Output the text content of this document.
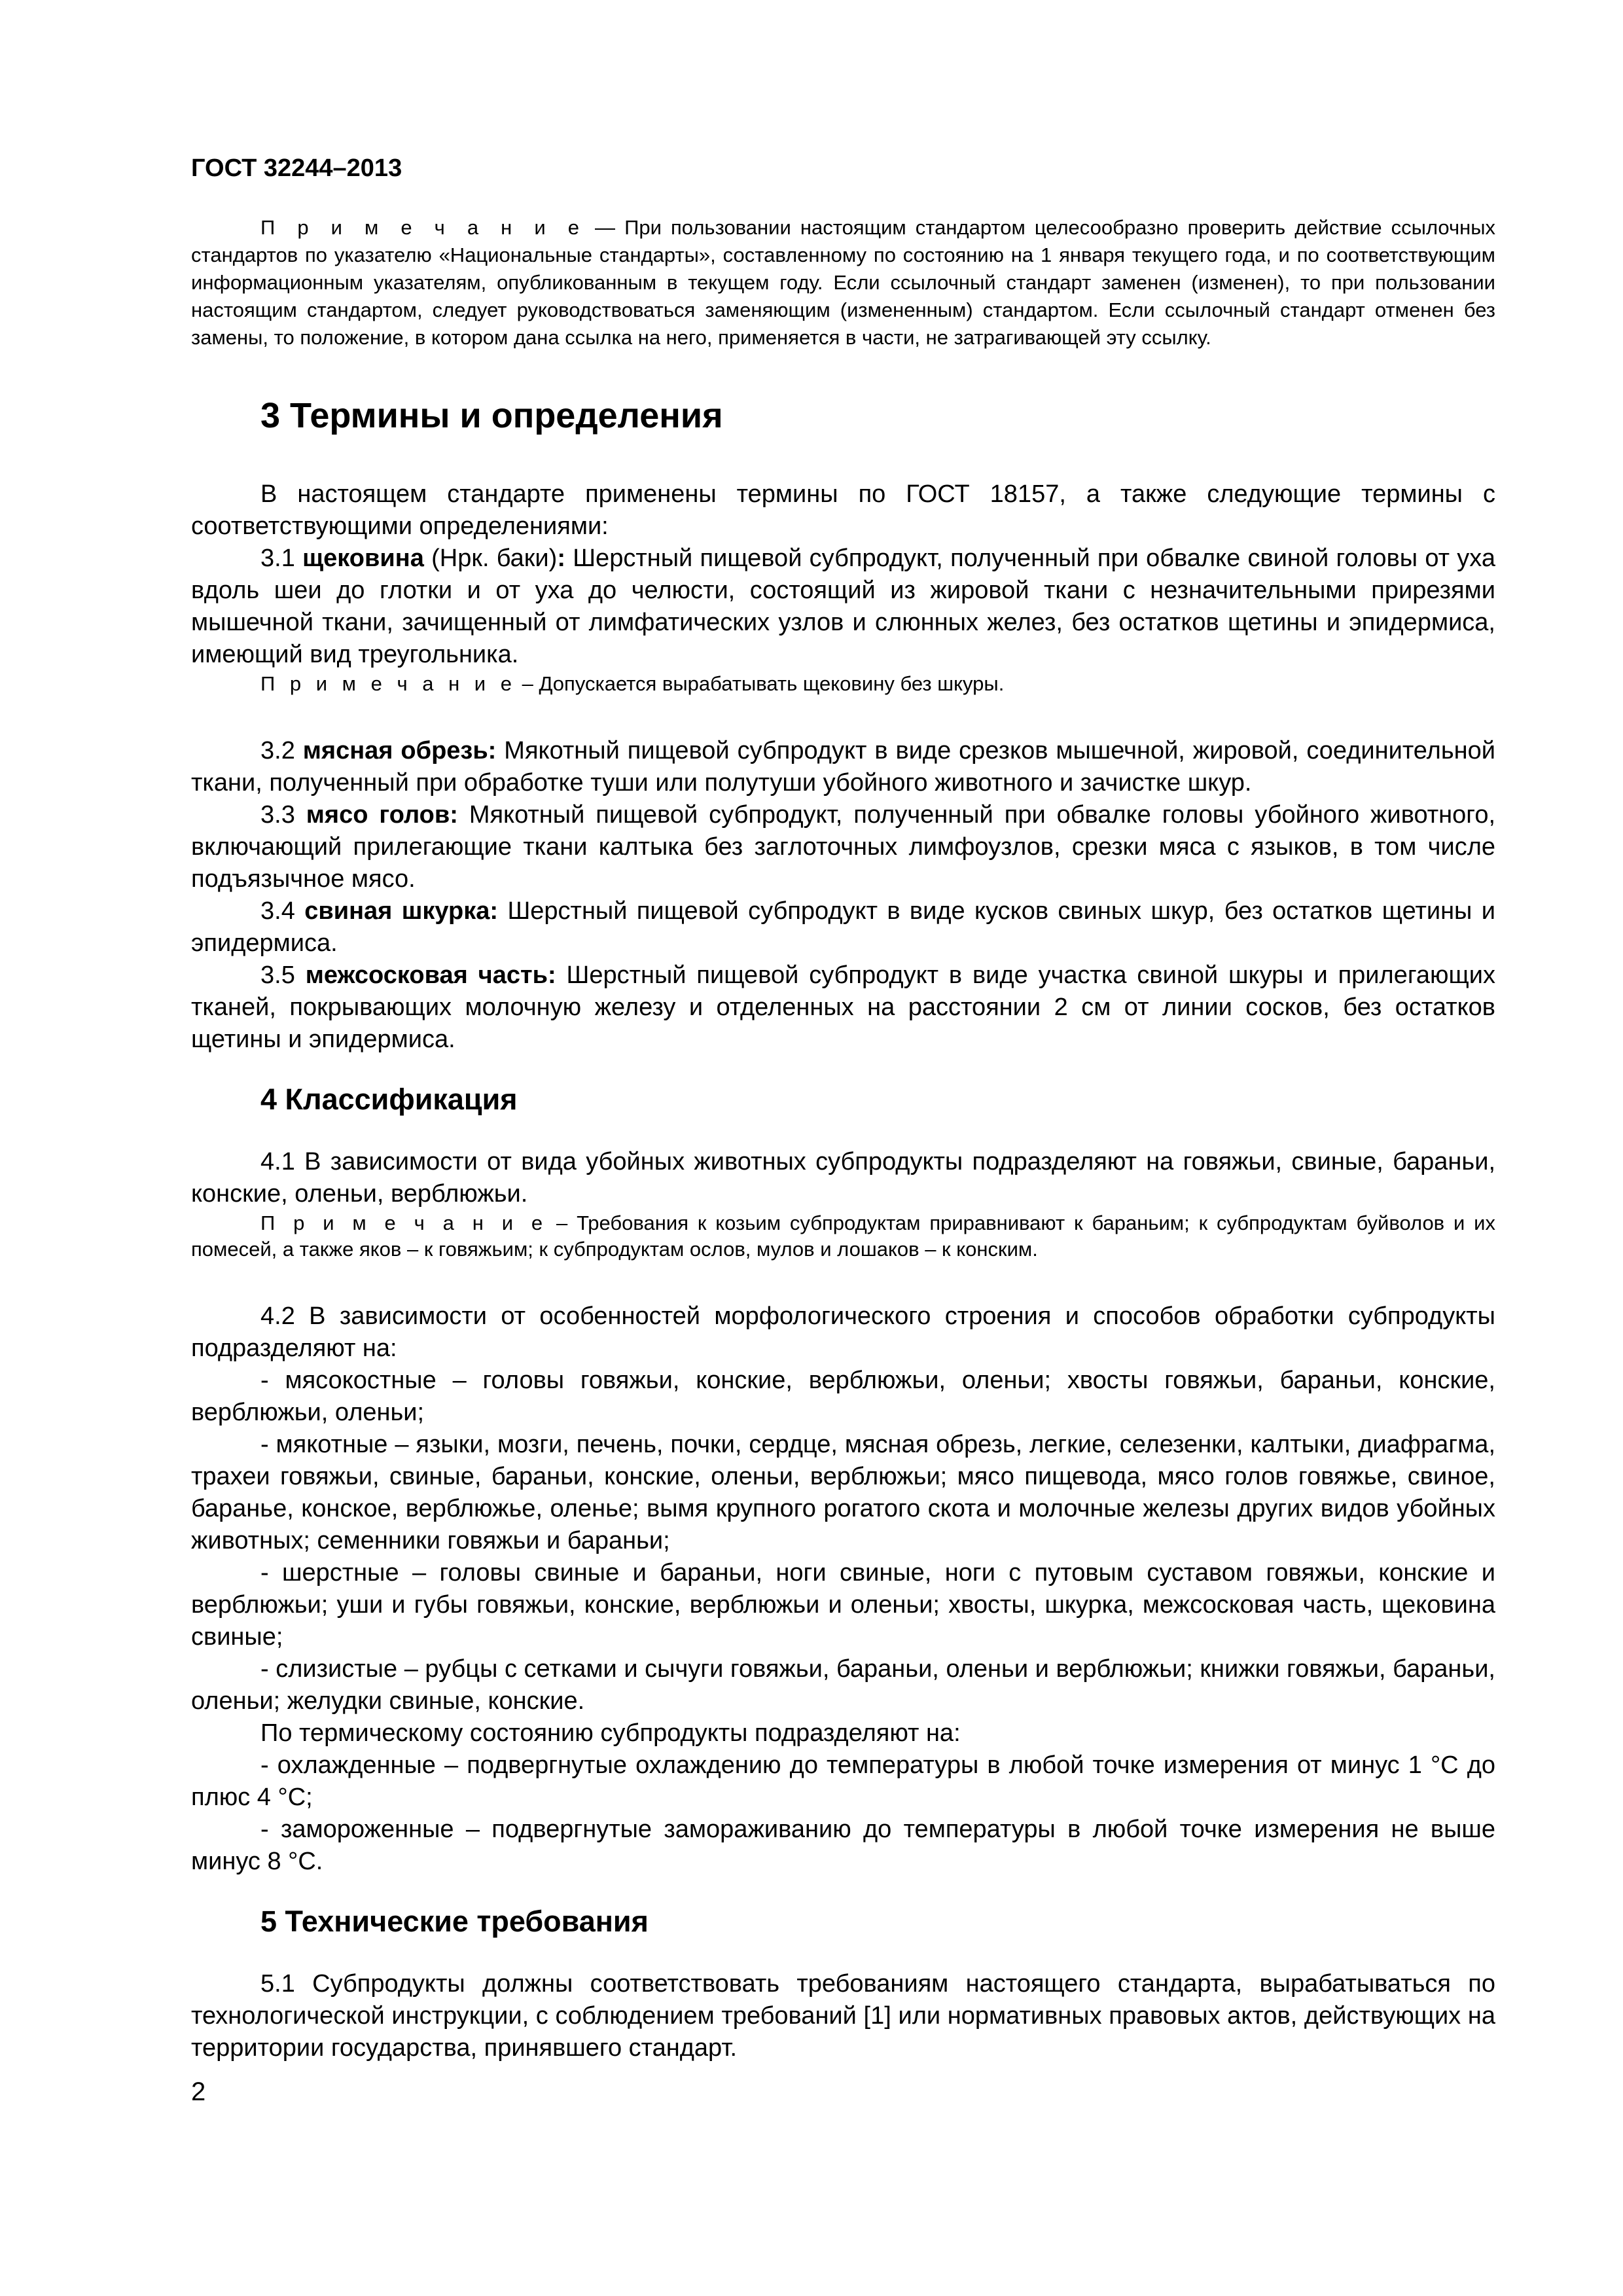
ГОСТ 32244–2013

П р и м е ч а н и е — При пользовании настоящим стандартом целесообразно проверить действие ссылочных стандартов по указателю «Национальные стандарты», составленному по состоянию на 1 января текущего года, и по соответствующим информационным указателям, опубликованным в текущем году. Если ссылочный стандарт заменен (изменен), то при пользовании настоящим стандартом, следует руководствоваться заменяющим (измененным) стандартом. Если ссылочный стандарт отменен без замены, то положение, в котором дана ссылка на него, применяется в части, не затрагивающей эту ссылку.

3 Термины и определения

В настоящем стандарте применены термины по ГОСТ 18157, а также следующие термины с соответствующими определениями:

3.1 щековина (Нрк. баки): Шерстный пищевой субпродукт, полученный при обвалке свиной головы от уха вдоль шеи до глотки и от уха до челюсти, состоящий из жировой ткани с незначительными прирезями мышечной ткани, зачищенный от лимфатических узлов и слюнных желез, без остатков щетины и эпидермиса, имеющий вид треугольника.

П р и м е ч а н и е – Допускается вырабатывать щековину без шкуры.

3.2 мясная обрезь: Мякотный пищевой субпродукт в виде срезков мышечной, жировой, соединительной ткани, полученный при обработке туши или полутуши убойного животного и зачистке шкур.

3.3 мясо голов: Мякотный пищевой субпродукт, полученный при обвалке головы убойного животного, включающий прилегающие ткани калтыка без заглоточных лимфоузлов, срезки мяса с языков, в том числе подъязычное мясо.

3.4 свиная шкурка: Шерстный пищевой субпродукт в виде кусков свиных шкур, без остатков щетины и эпидермиса.

3.5 межсосковая часть: Шерстный пищевой субпродукт в виде участка свиной шкуры и прилегающих тканей, покрывающих молочную железу и отделенных на расстоянии 2 см от линии сосков, без остатков щетины и эпидермиса.

4 Классификация

4.1 В зависимости от вида убойных животных субпродукты подразделяют на говяжьи, свиные, бараньи, конские, оленьи, верблюжьи.

П р и м е ч а н и е – Требования к козьим субпродуктам приравнивают к бараньим; к субпродуктам буйволов и их помесей, а также яков – к говяжьим; к субпродуктам ослов, мулов и лошаков – к конским.

4.2 В зависимости от особенностей морфологического строения и способов обработки субпродукты подразделяют на:

- мясокостные – головы говяжьи, конские, верблюжьи, оленьи; хвосты говяжьи, бараньи, конские, верблюжьи, оленьи;

- мякотные – языки, мозги, печень, почки, сердце, мясная обрезь, легкие, селезенки, калтыки, диафрагма, трахеи говяжьи, свиные, бараньи, конские, оленьи, верблюжьи; мясо пищевода, мясо голов говяжье, свиное, баранье, конское, верблюжье, оленье; вымя крупного рогатого скота и молочные железы других видов убойных животных; семенники говяжьи и бараньи;

- шерстные – головы свиные и бараньи, ноги свиные, ноги с путовым суставом говяжьи, конские и верблюжьи; уши и губы говяжьи, конские, верблюжьи и оленьи; хвосты, шкурка, межсосковая часть, щековина свиные;

- слизистые – рубцы с сетками и сычуги говяжьи, бараньи, оленьи и верблюжьи; книжки говяжьи, бараньи, оленьи; желудки свиные, конские.

По термическому состоянию субпродукты подразделяют на:

- охлажденные – подвергнутые охлаждению до температуры в любой точке измерения от минус 1 °С до плюс 4 °С;

- замороженные – подвергнутые замораживанию до температуры в любой точке измерения не выше минус 8 °С.

5 Технические требования

5.1 Субпродукты должны соответствовать требованиям настоящего стандарта, вырабатываться по технологической инструкции, с соблюдением требований [1] или нормативных правовых актов, действующих на территории государства, принявшего стандарт.

2
